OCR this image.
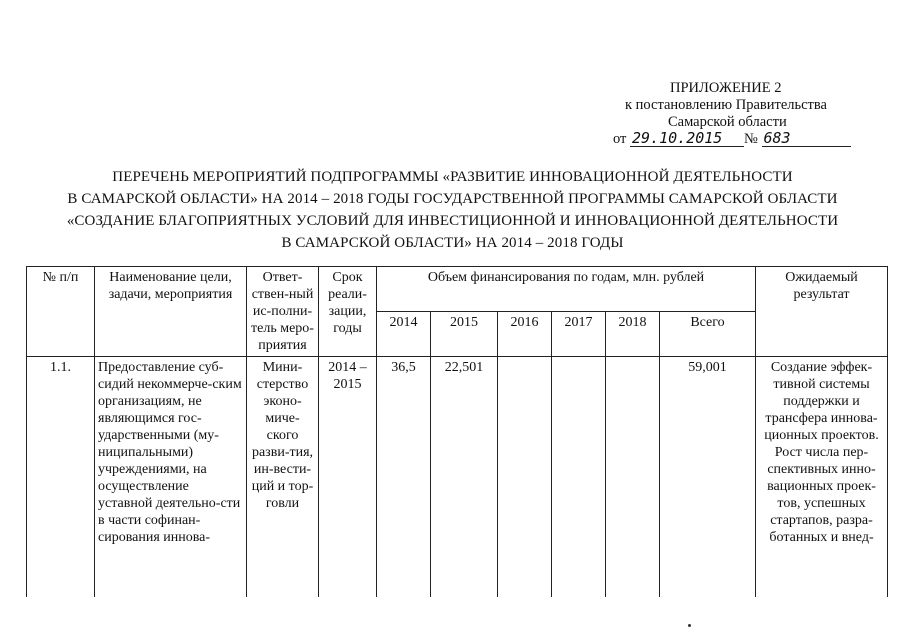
ПРИЛОЖЕНИЕ 2
к постановлению Правительства
Самарской области
от 29.10.2015 № 683
ПЕРЕЧЕНЬ МЕРОПРИЯТИЙ ПОДПРОГРАММЫ «РАЗВИТИЕ ИННОВАЦИОННОЙ ДЕЯТЕЛЬНОСТИ
В САМАРСКОЙ ОБЛАСТИ» НА 2014 – 2018 ГОДЫ ГОСУДАРСТВЕННОЙ ПРОГРАММЫ САМАРСКОЙ ОБЛАСТИ
«СОЗДАНИЕ БЛАГОПРИЯТНЫХ УСЛОВИЙ ДЛЯ ИНВЕСТИЦИОННОЙ И ИННОВАЦИОННОЙ ДЕЯТЕЛЬНОСТИ
В САМАРСКОЙ ОБЛАСТИ» НА 2014 – 2018 ГОДЫ
№ п/п	Наименование цели, задачи, мероприятия	Ответ-ствен-ный ис-полни-тель меро-приятия	Срок реали-зации, годы	Объем финансирования по годам, млн. рублей						Ожидаемый результат
				2014	2015	2016	2017	2018	Всего	
1.1.	Предоставление суб-сидий некоммерче-ским организациям, не являющимся гос-ударственными (му-ниципальными) учреждениями, на осуществление уставной деятельно-сти в части софинан-сирования иннова-	Мини-стерство эконо-миче-ского разви-тия, ин-вести-ций и тор-говли	2014 – 2015	36,5	22,501				59,001	Создание эффек-тивной системы поддержки и трансфера иннова-ционных проектов. Рост числа пер-спективных инно-вационных проек-тов, успешных стартапов, разра-ботанных и внед-
